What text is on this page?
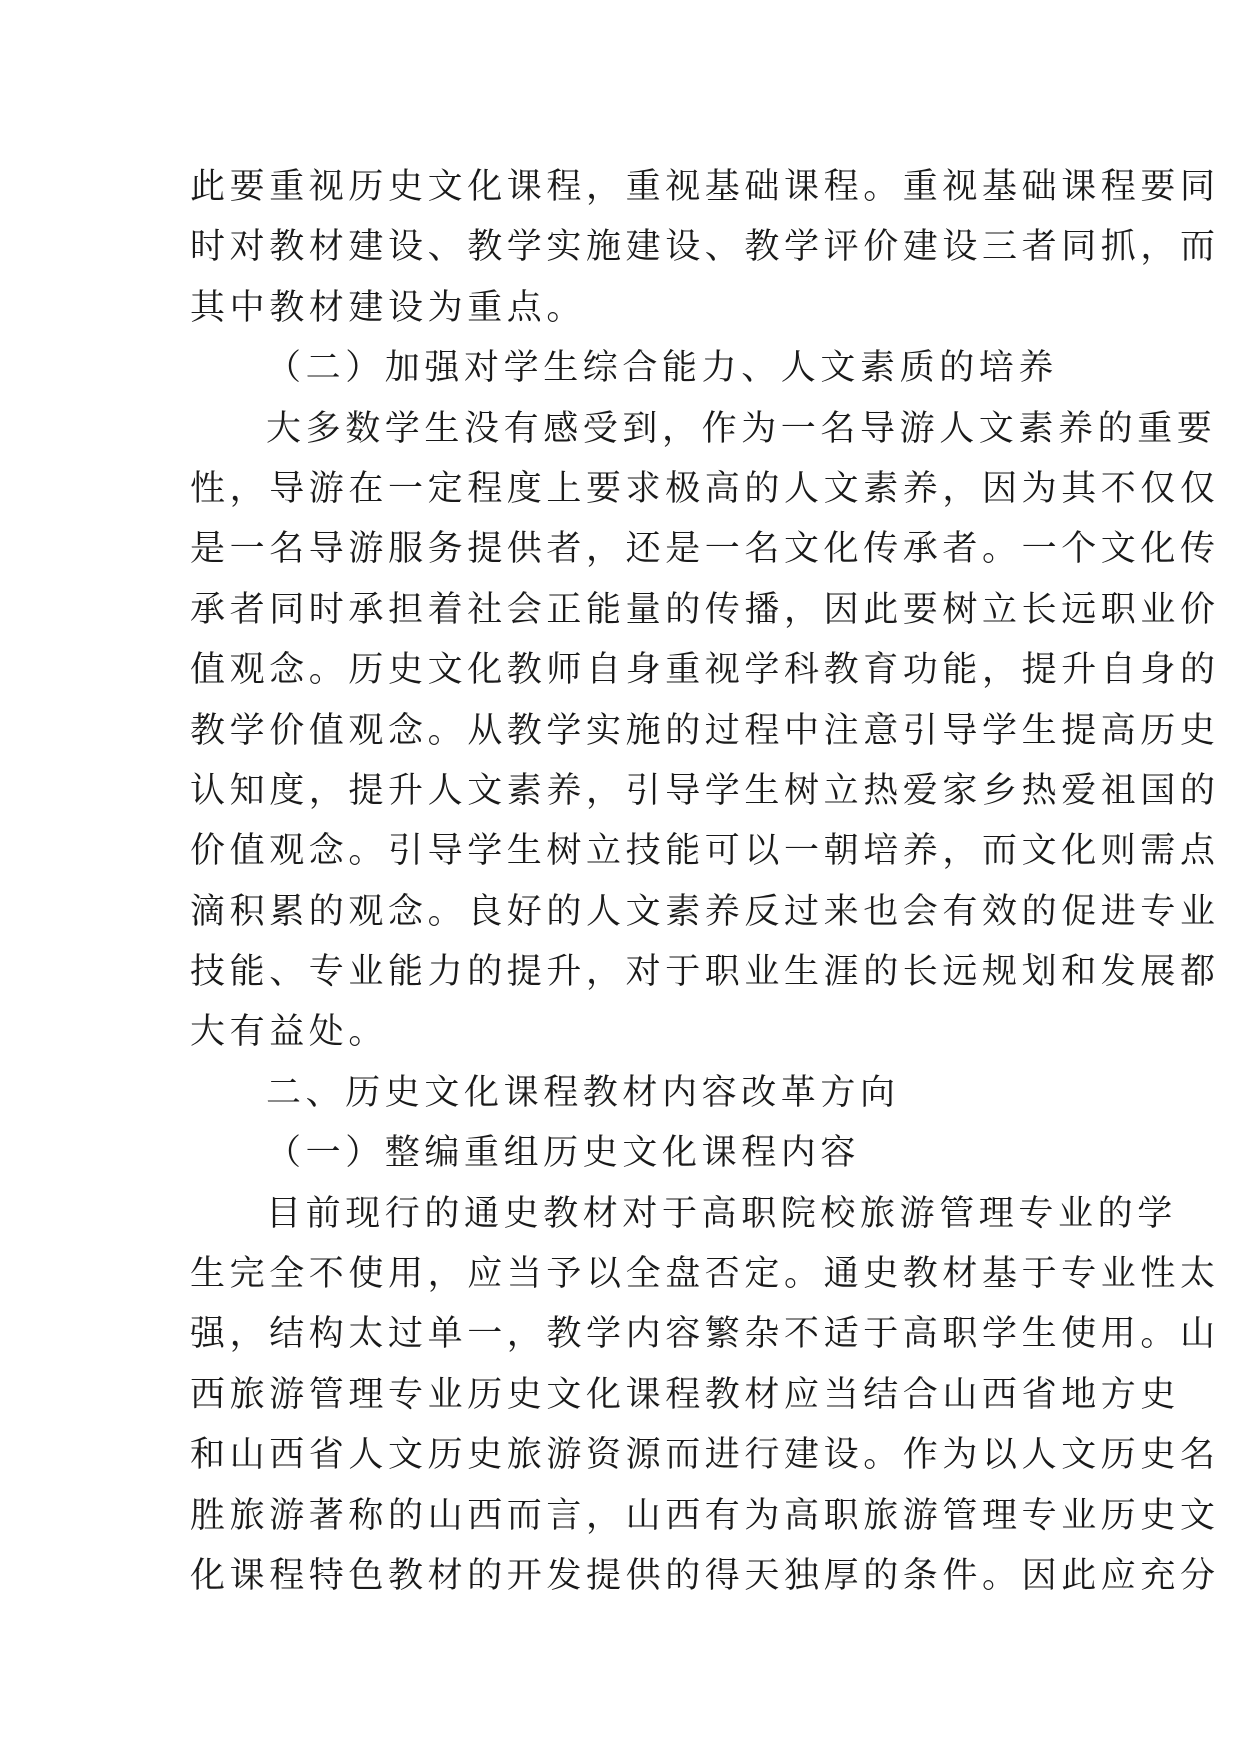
此要重视历史文化课程，重视基础课程。重视基础课程要同
时对教材建设、教学实施建设、教学评价建设三者同抓，而
其中教材建设为重点。
（二）加强对学生综合能力、人文素质的培养
大多数学生没有感受到，作为一名导游人文素养的重要
性，导游在一定程度上要求极高的人文素养，因为其不仅仅
是一名导游服务提供者，还是一名文化传承者。一个文化传
承者同时承担着社会正能量的传播，因此要树立长远职业价
值观念。历史文化教师自身重视学科教育功能，提升自身的
教学价值观念。从教学实施的过程中注意引导学生提高历史
认知度，提升人文素养，引导学生树立热爱家乡热爱祖国的
价值观念。引导学生树立技能可以一朝培养，而文化则需点
滴积累的观念。良好的人文素养反过来也会有效的促进专业
技能、专业能力的提升，对于职业生涯的长远规划和发展都
大有益处。
二、历史文化课程教材内容改革方向
（一）整编重组历史文化课程内容
目前现行的通史教材对于高职院校旅游管理专业的学
生完全不使用，应当予以全盘否定。通史教材基于专业性太
强，结构太过单一，教学内容繁杂不适于高职学生使用。山
西旅游管理专业历史文化课程教材应当结合山西省地方史
和山西省人文历史旅游资源而进行建设。作为以人文历史名
胜旅游著称的山西而言，山西有为高职旅游管理专业历史文
化课程特色教材的开发提供的得天独厚的条件。因此应充分
